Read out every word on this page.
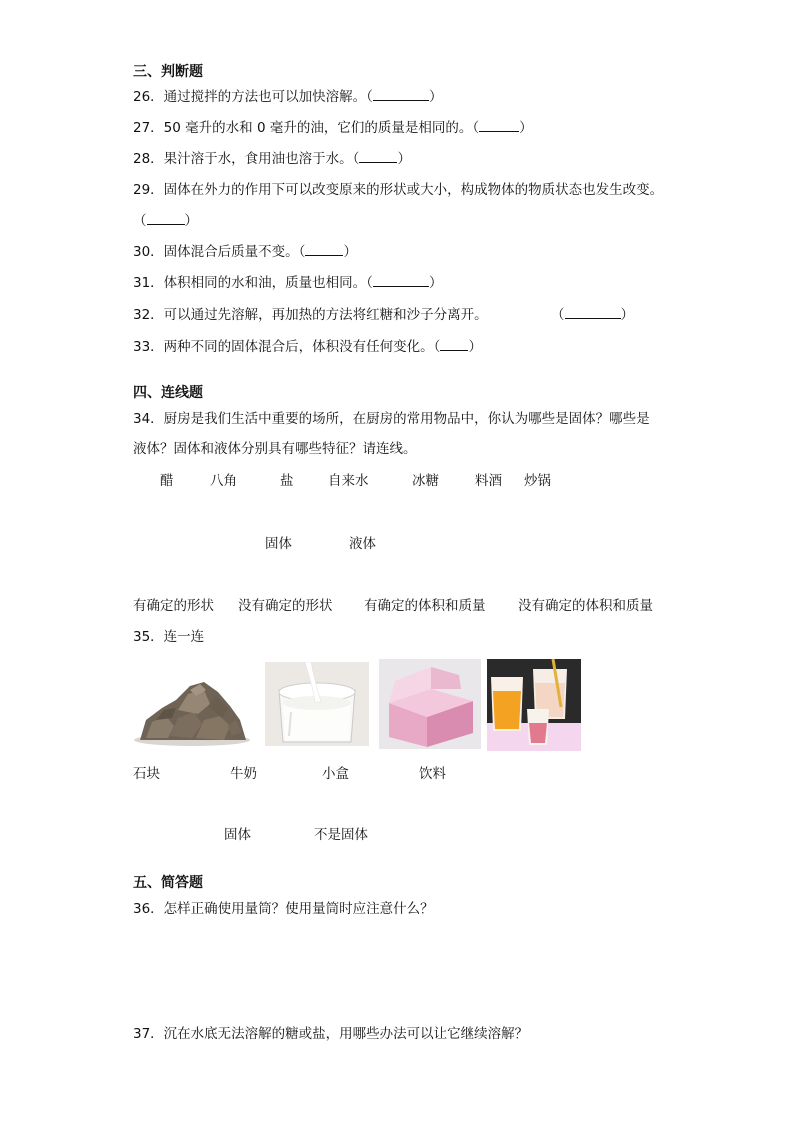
三、判断题
26．通过搅拌的方法也可以加快溶解。（	）
27．50 毫升的水和 0 毫升的油，它们的质量是相同的。（	）
28．果汁溶于水，食用油也溶于水。（	）
29．固体在外力的作用下可以改变原来的形状或大小，构成物体的物质状态也发生改变。
（	）
30．固体混合后质量不变。（	）
31．体积相同的水和油，质量也相同。（	）
32．可以通过先溶解，再加热的方法将红糖和沙子分离开。	（	）
33．两种不同的固体混合后，体积没有任何变化。（ ）
四、连线题
34．厨房是我们生活中重要的场所，在厨房的常用物品中，你认为哪些是固体？哪些是
液体？固体和液体分别具有哪些特征？请连线。
醋	八角	盐	自来水	冰糖	料酒 炒锅
固体	液体
有确定的形状 没有确定的形状 有确定的体积和质量 没有确定的体积和质量
35．连一连
石块	牛奶	小盒	饮料
固体	不是固体
五、简答题
36．怎样正确使用量筒？使用量筒时应注意什么？
37．沉在水底无法溶解的糖或盐，用哪些办法可以让它继续溶解？
